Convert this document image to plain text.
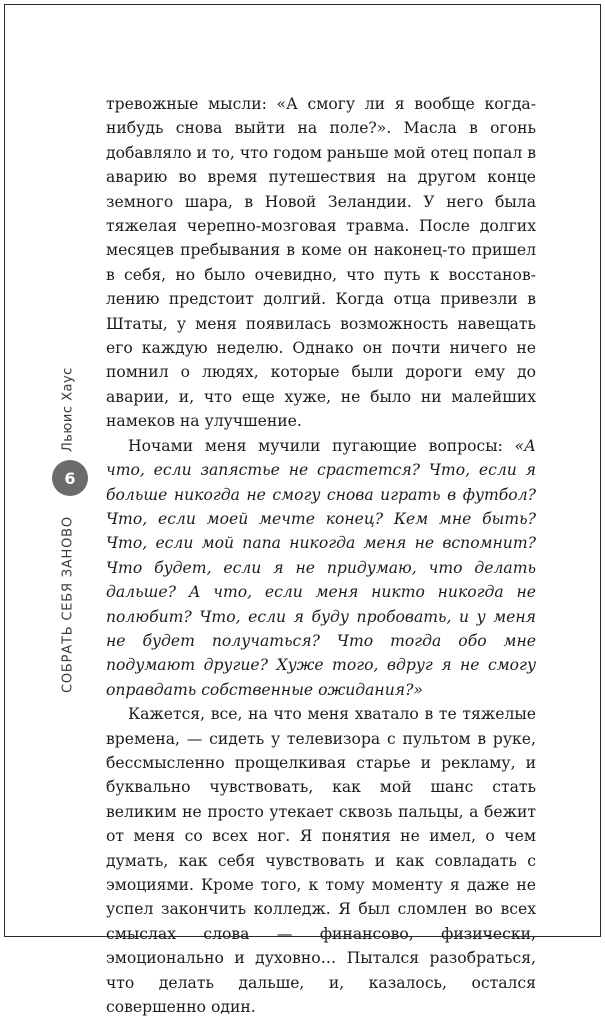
Льюис Хаус
6
СОБРАТЬ СЕБЯ ЗАНОВО

тревожные мысли: «А смогу ли я вообще когда-нибудь снова выйти на поле?». Масла в огонь добавляло и то, что годом раньше мой отец попал в аварию во время путешествия на другом конце земного шара, в Новой Зеландии. У него была тяжелая черепно-мозговая травма. После долгих месяцев пребывания в коме он наконец-то пришел в себя, но было очевидно, что путь к восстановлению предстоит долгий. Когда отца привезли в Штаты, у меня появилась возможность навещать его каждую неделю. Однако он почти ничего не помнил о людях, которые были дороги ему до аварии, и, что еще хуже, не было ни малейших намеков на улучшение.

Ночами меня мучили пугающие вопросы: «А что, если запястье не срастется? Что, если я больше никогда не смогу снова играть в футбол? Что, если моей мечте конец? Кем мне быть? Что, если мой папа никогда меня не вспомнит? Что будет, если я не придумаю, что делать дальше? А что, если меня никто никогда не полюбит? Что, если я буду пробовать, и у меня не будет получаться? Что тогда обо мне подумают другие? Хуже того, вдруг я не смогу оправдать собственные ожидания?»

Кажется, все, на что меня хватало в те тяжелые времена, — сидеть у телевизора с пультом в руке, бессмысленно прощелкивая старье и рекламу, и буквально чувствовать, как мой шанс стать великим не просто утекает сквозь пальцы, а бежит от меня со всех ног. Я понятия не имел, о чем думать, как себя чувствовать и как совладать с эмоциями. Кроме того, к тому моменту я даже не успел закончить колледж. Я был сломлен во всех смыслах слова — финансово, физически, эмоционально и духовно… Пытался разобраться, что делать дальше, и, казалось, остался совершенно один.
